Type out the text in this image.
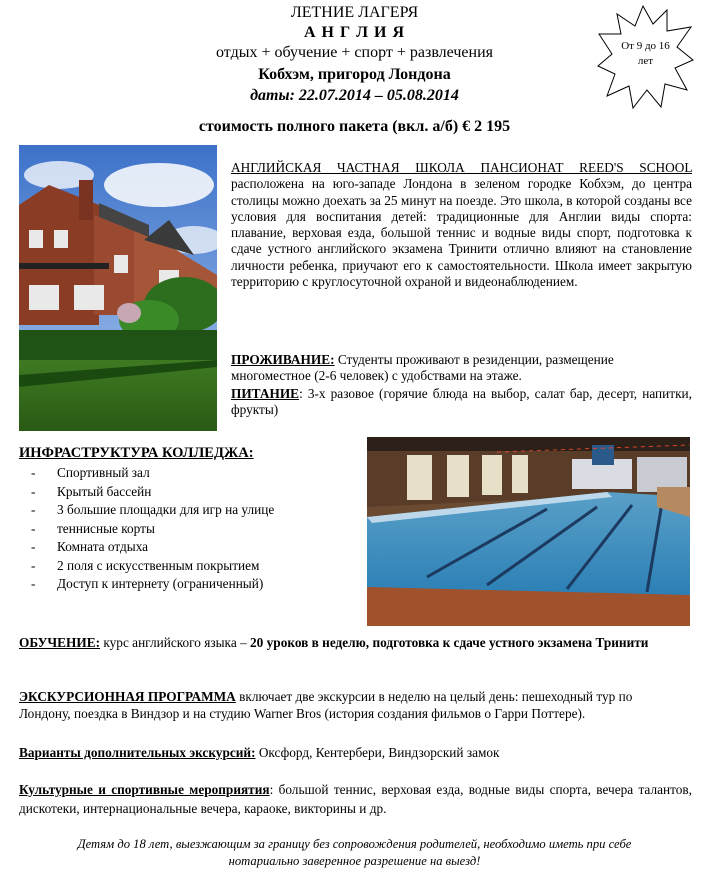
ЛЕТНИЕ ЛАГЕРЯ
А Н Г Л И Я
отдых + обучение + спорт + развлечения
Кобхэм, пригород Лондона
даты: 22.07.2014 – 05.08.2014
стоимость полного пакета (вкл. а/б) € 2 195
От 9 до 16
лет
АНГЛИЙСКАЯ ЧАСТНАЯ ШКОЛА ПАНСИОНАТ REED'S SCHOOL расположена на юго-западе Лондона в зеленом городке Кобхэм, до центра столицы можно доехать за 25 минут на поезде. Это школа, в которой созданы все условия для воспитания детей: традиционные для Англии виды спорта: плавание, верховая езда, большой теннис и водные виды спорт, подготовка к сдаче устного английского экзамена Тринити отлично влияют на становление личности ребенка, приучают его к самостоятельности. Школа имеет закрытую территорию с круглосуточной охраной и видеонаблюдением.
ПРОЖИВАНИЕ: Студенты проживают в резиденции, размещение многоместное (2-6 человек) с удобствами на этаже.
ПИТАНИЕ: 3-х разовое (горячие блюда на выбор, салат бар, десерт, напитки, фрукты)
ИНФРАСТРУКТУРА КОЛЛЕДЖА:
- Спортивный зал
- Крытый бассейн
- 3 большие площадки для игр на улице
- теннисные корты
- Комната отдыха
- 2 поля с искусственным покрытием
- Доступ к интернету (ограниченный)
ОБУЧЕНИЕ: курс английского языка – 20 уроков в неделю, подготовка к сдаче устного экзамена Тринити
ЭКСКУРСИОННАЯ ПРОГРАММА включает две экскурсии в неделю на целый день: пешеходный тур по Лондону, поездка в Виндзор и на студию Warner Bros (история создания фильмов о Гарри Поттере).
Варианты дополнительных экскурсий: Оксфорд, Кентербери, Виндзорский замок
Культурные и спортивные мероприятия: большой теннис, верховая езда, водные виды спорта, вечера талантов, дискотеки, интернациональные вечера, караоке, викторины и др.
Детям до 18 лет, выезжающим за границу без сопровождения родителей, необходимо иметь при себе
нотариально заверенное разрешение на выезд!
